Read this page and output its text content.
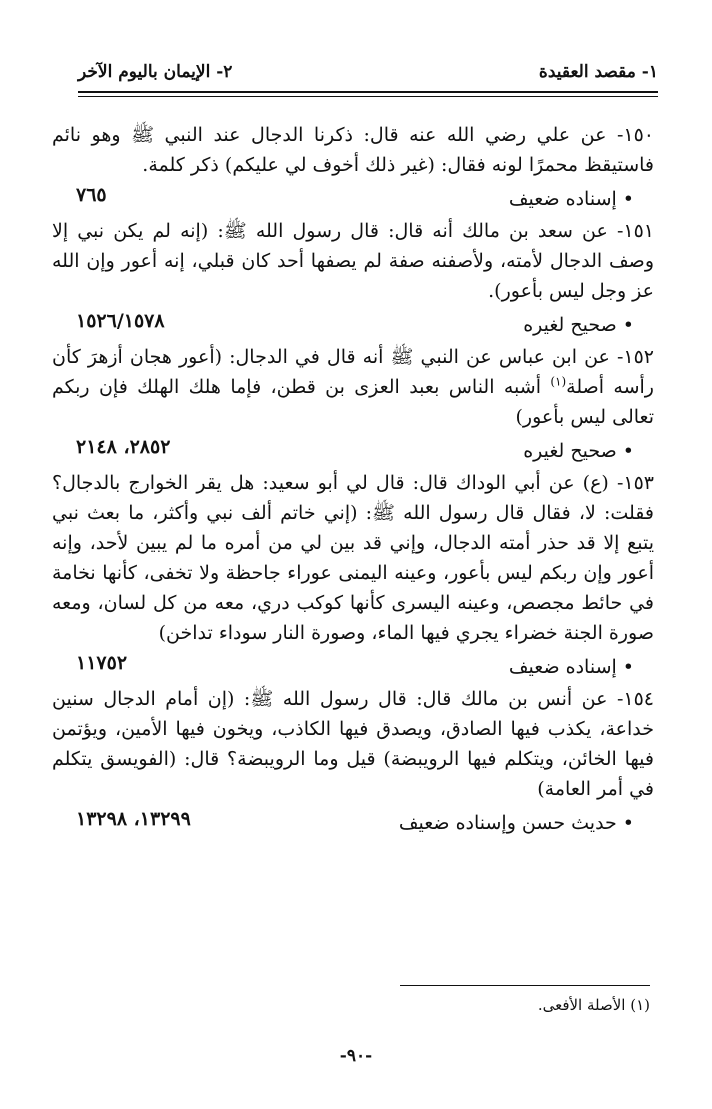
١- مقصد العقيدة
٢- الإيمان باليوم الآخر

١٥٠- عن علي رضي الله عنه قال: ذكرنا الدجال عند النبي ﷺ وهو نائم فاستيقظ محمرًا لونه فقال: (غير ذلك أخوف لي عليكم) ذكر كلمة.

•إسناده ضعيف
٧٦٥

١٥١- عن سعد بن مالك أنه قال: قال رسول الله ﷺ: (إنه لم يكن نبي إلا وصف الدجال لأمته، ولأصفنه صفة لم يصفها أحد كان قبلي، إنه أعور وإن الله عز وجل ليس بأعور).

•صحيح لغيره
١٥٢٦/١٥٧٨

١٥٢- عن ابن عباس عن النبي ﷺ أنه قال في الدجال: (أعور هجان أزهرَ كأن رأسه أصلة$^{(١)}$ أشبه الناس بعبد العزى بن قطن، فإما هلك الهلك فإن ربكم تعالى ليس بأعور)

•صحيح لغيره
٢٨٥٢، ٢١٤٨

١٥٣- (ع) عن أبي الوداك قال: قال لي أبو سعيد: هل يقر الخوارج بالدجال؟ فقلت: لا، فقال قال رسول الله ﷺ: (إني خاتم ألف نبي وأكثر، ما بعث نبي يتبع إلا قد حذر أمته الدجال، وإني قد بين لي من أمره ما لم يبين لأحد، وإنه أعور وإن ربكم ليس بأعور، وعينه اليمنى عوراء جاحظة ولا تخفى، كأنها نخامة في حائط مجصص، وعينه اليسرى كأنها كوكب دري، معه من كل لسان، ومعه صورة الجنة خضراء يجري فيها الماء، وصورة النار سوداء تداخن)

•إسناده ضعيف
١١٧٥٢

١٥٤- عن أنس بن مالك قال: قال رسول الله ﷺ: (إن أمام الدجال سنين خداعة، يكذب فيها الصادق، ويصدق فيها الكاذب، ويخون فيها الأمين، ويؤتمن فيها الخائن، ويتكلم فيها الرويبضة) قيل وما الرويبضة؟ قال: (الفويسق يتكلم في أمر العامة)

•حديث حسن وإسناده ضعيف
١٣٢٩٩، ١٣٢٩٨
(١) الأصلة الأفعى.
-٩٠-
